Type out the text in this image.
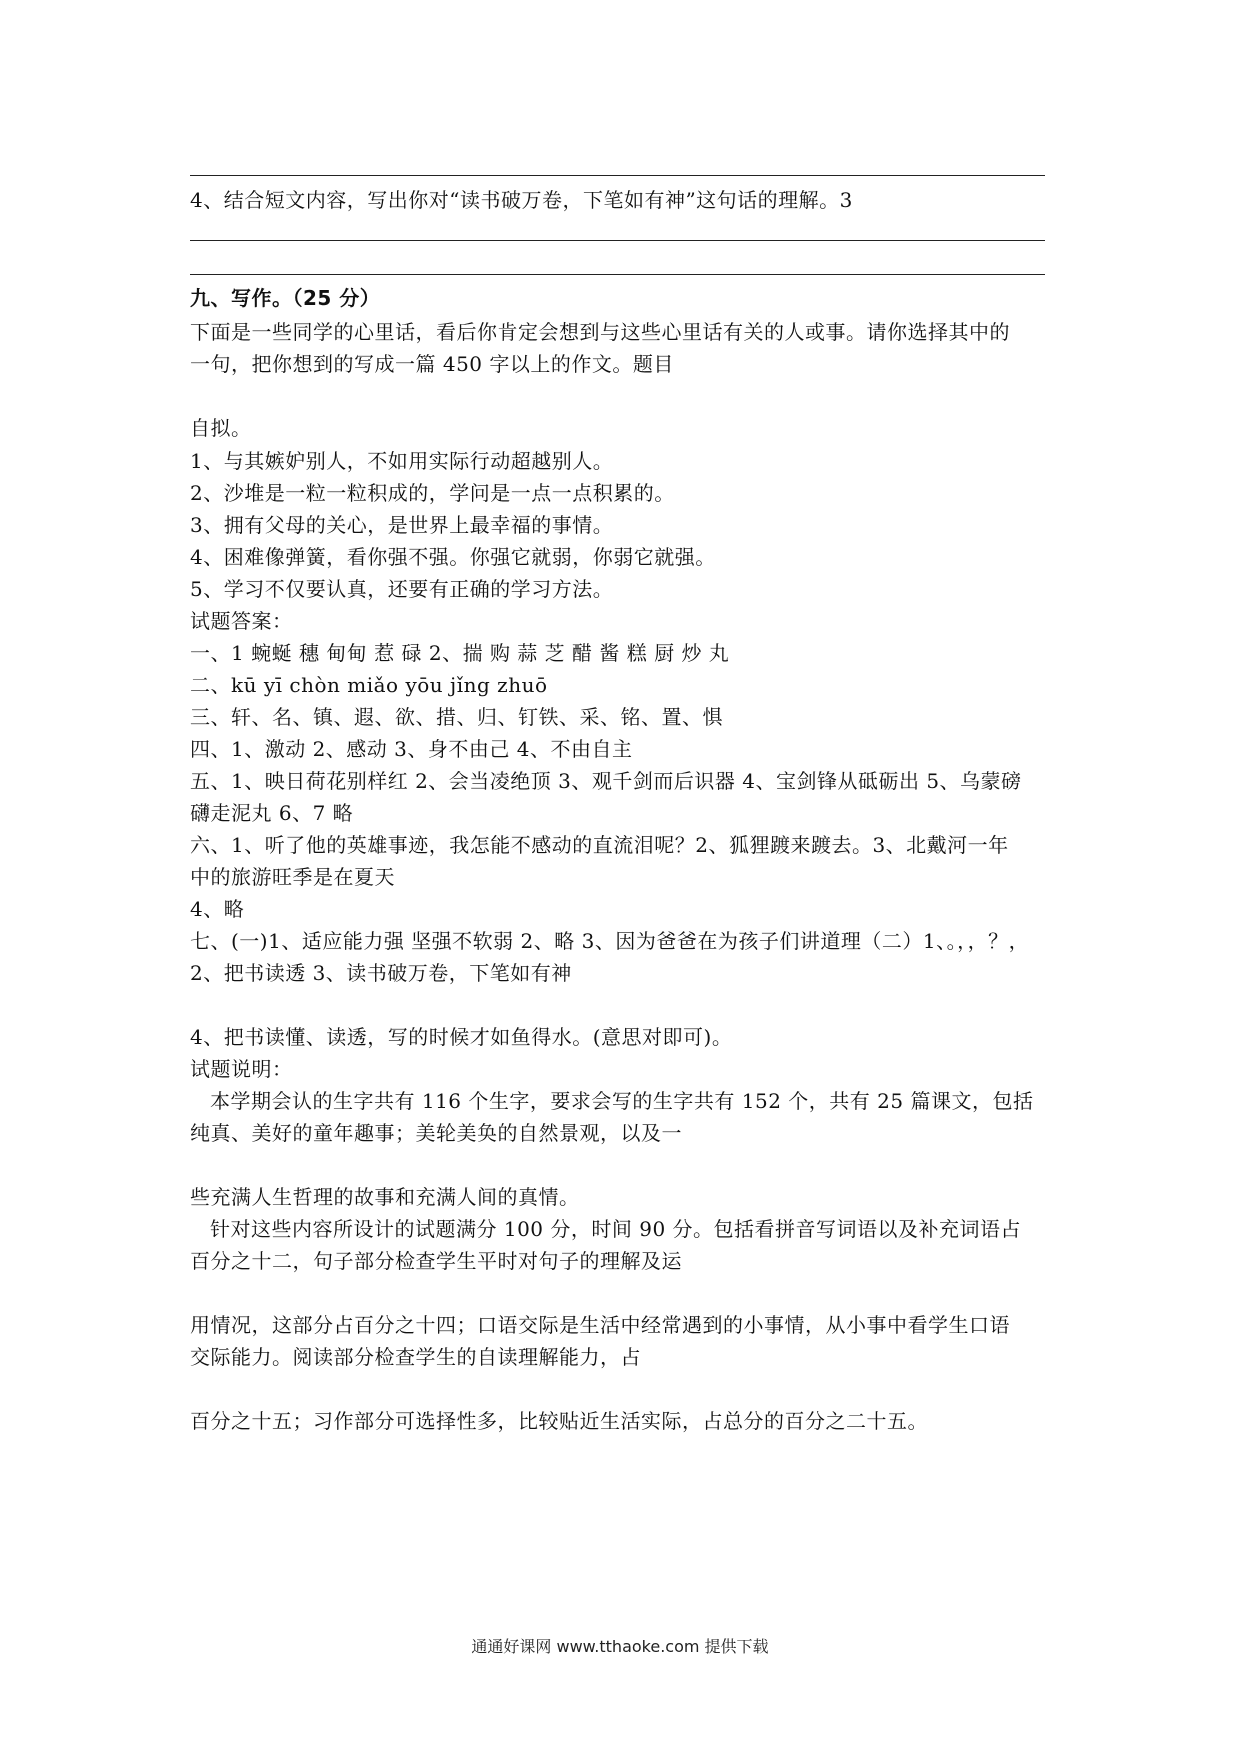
4、结合短文内容，写出你对“读书破万卷，下笔如有神”这句话的理解。3
九、写作。（25 分）
下面是一些同学的心里话，看后你肯定会想到与这些心里话有关的人或事。请你选择其中的
一句，把你想到的写成一篇 450 字以上的作文。题目
自拟。
1、与其嫉妒别人，不如用实际行动超越别人。
2、沙堆是一粒一粒积成的，学问是一点一点积累的。
3、拥有父母的关心，是世界上最幸福的事情。
4、困难像弹簧，看你强不强。你强它就弱，你弱它就强。
5、学习不仅要认真，还要有正确的学习方法。
试题答案：
一、1 蜿蜒 穗 甸甸 惹 碌 2、揣 购 蒜 芝 醋 酱 糕 厨 炒 丸
二、kū yī chòn miǎo yōu jǐng zhuō
三、轩、名、镇、遐、欲、措、归、钉铁、采、铭、置、惧
四、1、激动 2、感动 3、身不由己 4、不由自主
五、1、映日荷花别样红 2、会当凌绝顶 3、观千剑而后识器 4、宝剑锋从砥砺出 5、乌蒙磅
礴走泥丸 6、7 略
六、1、听了他的英雄事迹，我怎能不感动的直流泪呢？2、狐狸踱来踱去。3、北戴河一年
中的旅游旺季是在夏天
4、略
七、(一)1、适应能力强 坚强不软弱 2、略 3、因为爸爸在为孩子们讲道理（二）1、。，，？，
2、把书读透 3、读书破万卷，下笔如有神
4、把书读懂、读透，写的时候才如鱼得水。(意思对即可)。
试题说明：
本学期会认的生字共有 116 个生字，要求会写的生字共有 152 个，共有 25 篇课文，包括
纯真、美好的童年趣事；美轮美奂的自然景观，以及一
些充满人生哲理的故事和充满人间的真情。
针对这些内容所设计的试题满分 100 分，时间 90 分。包括看拼音写词语以及补充词语占
百分之十二，句子部分检查学生平时对句子的理解及运
用情况，这部分占百分之十四；口语交际是生活中经常遇到的小事情，从小事中看学生口语
交际能力。阅读部分检查学生的自读理解能力，占
百分之十五；习作部分可选择性多，比较贴近生活实际，占总分的百分之二十五。
通通好课网 www.tthaoke.com 提供下载
